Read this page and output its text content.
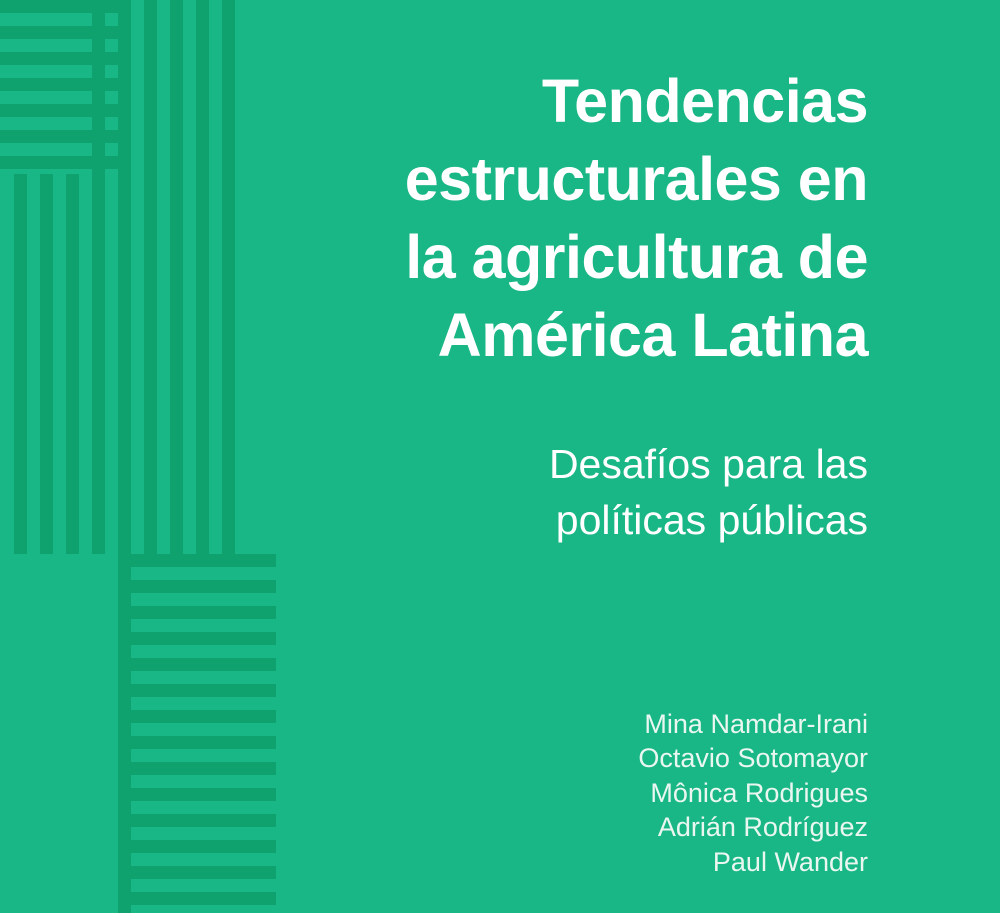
Tendencias
estructurales en
la agricultura de
América Latina
Desafíos para las
políticas públicas
Mina Namdar-Irani
Octavio Sotomayor
Mônica Rodrigues
Adrián Rodríguez
Paul Wander
